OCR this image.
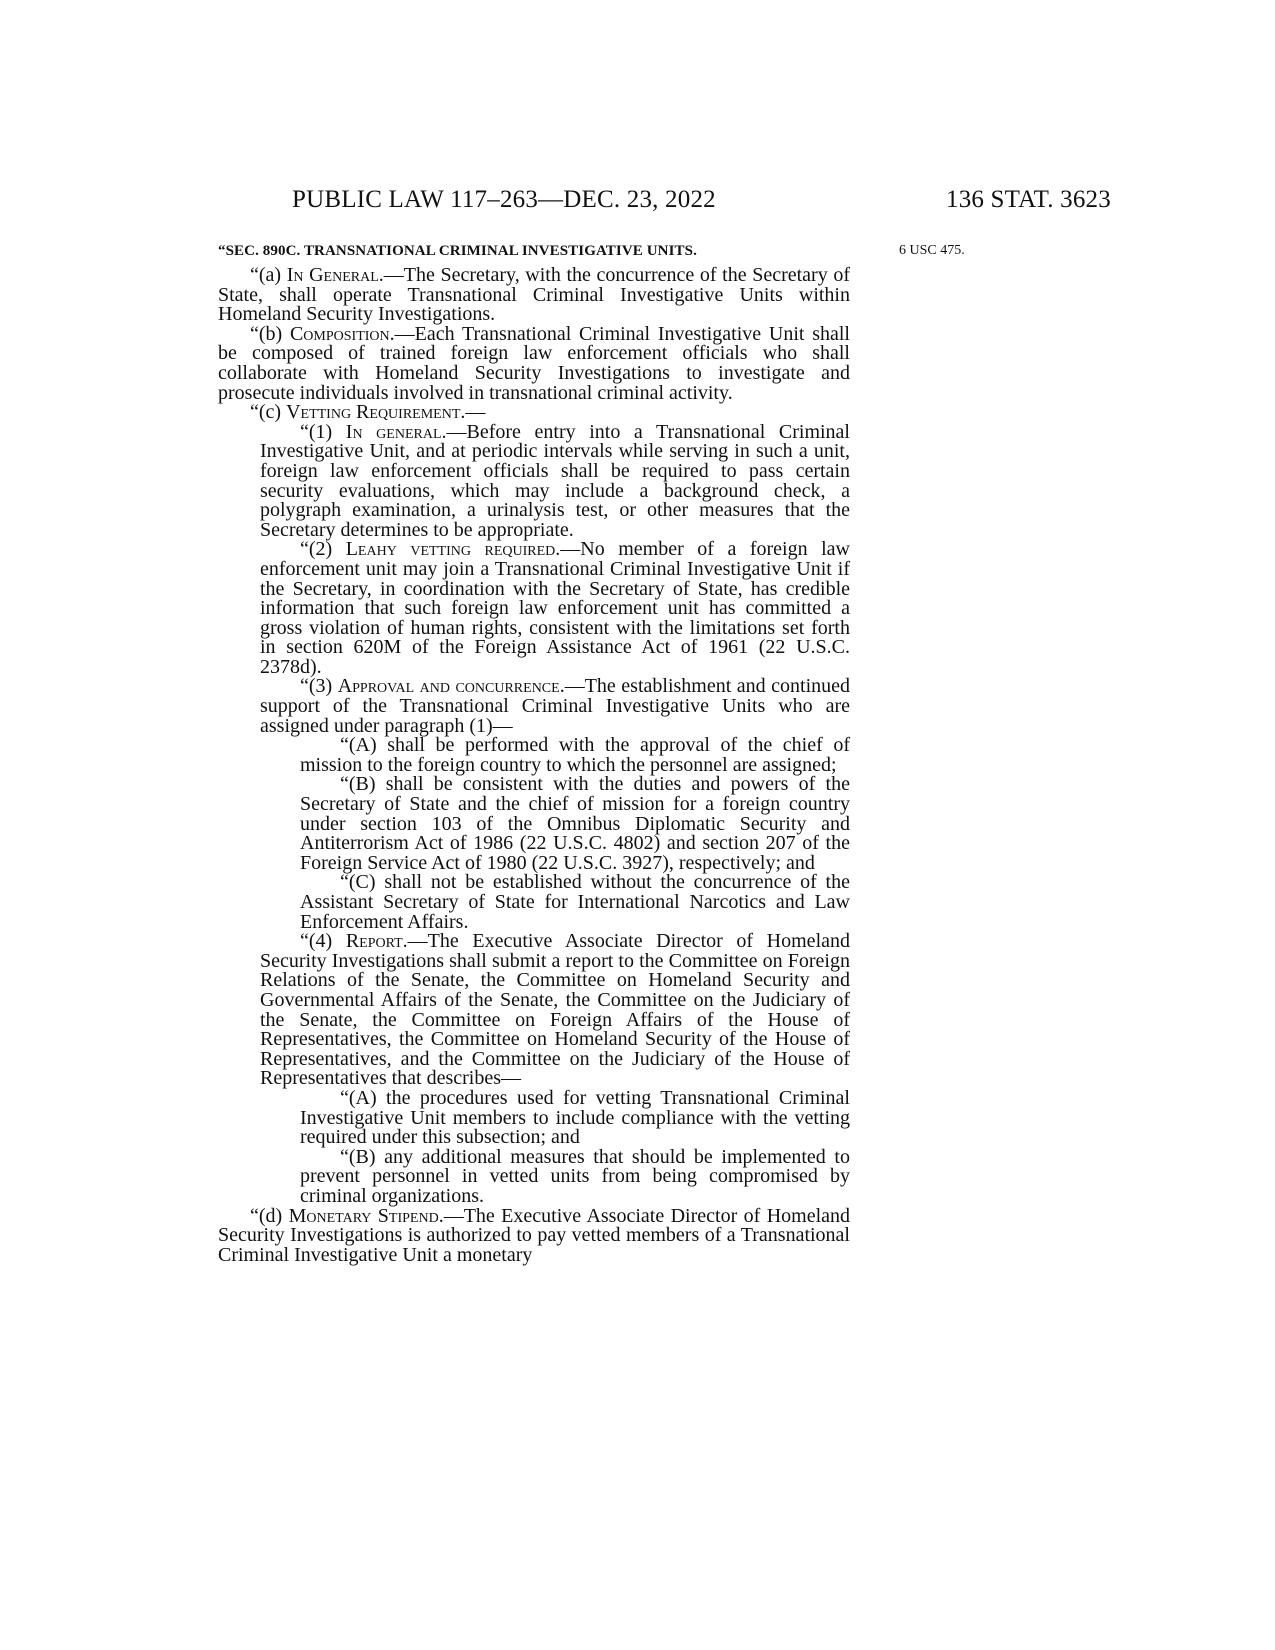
PUBLIC LAW 117–263—DEC. 23, 2022	136 STAT. 3623
“SEC. 890C. TRANSNATIONAL CRIMINAL INVESTIGATIVE UNITS.	6 USC 475.

“(a) In General.—The Secretary, with the concurrence of the Secretary of State, shall operate Transnational Criminal Investigative Units within Homeland Security Investigations.

“(b) Composition.—Each Transnational Criminal Investigative Unit shall be composed of trained foreign law enforcement officials who shall collaborate with Homeland Security Investigations to investigate and prosecute individuals involved in transnational criminal activity.

“(c) Vetting Requirement.—

“(1) In general.—Before entry into a Transnational Criminal Investigative Unit, and at periodic intervals while serving in such a unit, foreign law enforcement officials shall be required to pass certain security evaluations, which may include a background check, a polygraph examination, a urinalysis test, or other measures that the Secretary determines to be appropriate.

“(2) Leahy vetting required.—No member of a foreign law enforcement unit may join a Transnational Criminal Investigative Unit if the Secretary, in coordination with the Secretary of State, has credible information that such foreign law enforcement unit has committed a gross violation of human rights, consistent with the limitations set forth in section 620M of the Foreign Assistance Act of 1961 (22 U.S.C. 2378d).

“(3) Approval and concurrence.—The establishment and continued support of the Transnational Criminal Investigative Units who are assigned under paragraph (1)—

“(A) shall be performed with the approval of the chief of mission to the foreign country to which the personnel are assigned;

“(B) shall be consistent with the duties and powers of the Secretary of State and the chief of mission for a foreign country under section 103 of the Omnibus Diplomatic Security and Antiterrorism Act of 1986 (22 U.S.C. 4802) and section 207 of the Foreign Service Act of 1980 (22 U.S.C. 3927), respectively; and

“(C) shall not be established without the concurrence of the Assistant Secretary of State for International Narcotics and Law Enforcement Affairs.

“(4) Report.—The Executive Associate Director of Homeland Security Investigations shall submit a report to the Committee on Foreign Relations of the Senate, the Committee on Homeland Security and Governmental Affairs of the Senate, the Committee on the Judiciary of the Senate, the Committee on Foreign Affairs of the House of Representatives, the Committee on Homeland Security of the House of Representatives, and the Committee on the Judiciary of the House of Representatives that describes—

“(A) the procedures used for vetting Transnational Criminal Investigative Unit members to include compliance with the vetting required under this subsection; and

“(B) any additional measures that should be implemented to prevent personnel in vetted units from being compromised by criminal organizations.

“(d) Monetary Stipend.—The Executive Associate Director of Homeland Security Investigations is authorized to pay vetted members of a Transnational Criminal Investigative Unit a monetary
